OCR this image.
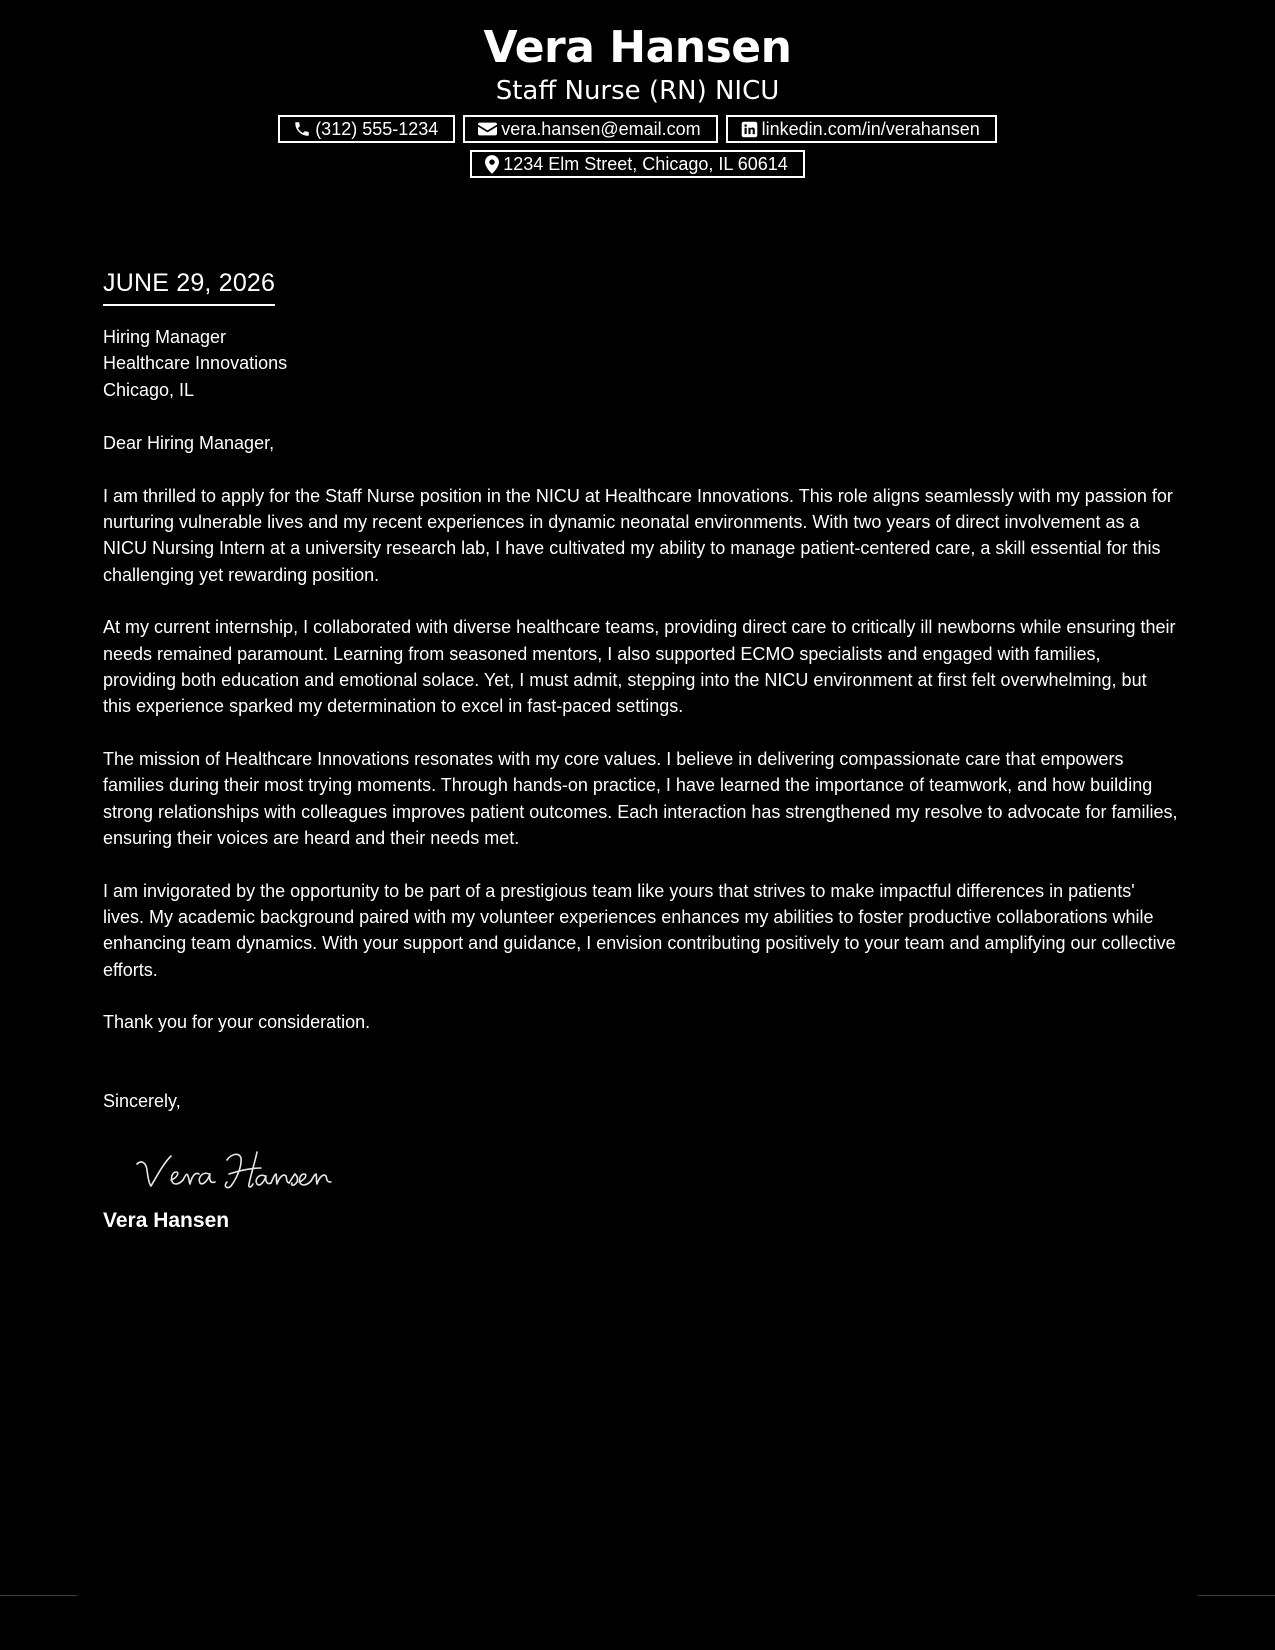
Vera Hansen
Staff Nurse (RN) NICU
(312) 555-1234	vera.hansen@email.com	linkedin.com/in/verahansen
1234 Elm Street, Chicago, IL 60614
JUNE 29, 2026
Hiring Manager
Healthcare Innovations
Chicago, IL
Dear Hiring Manager,

I am thrilled to apply for the Staff Nurse position in the NICU at Healthcare Innovations. This role aligns seamlessly with my passion for nurturing vulnerable lives and my recent experiences in dynamic neonatal environments. With two years of direct involvement as a NICU Nursing Intern at a university research lab, I have cultivated my ability to manage patient-centered care, a skill essential for this challenging yet rewarding position.

At my current internship, I collaborated with diverse healthcare teams, providing direct care to critically ill newborns while ensuring their needs remained paramount. Learning from seasoned mentors, I also supported ECMO specialists and engaged with families, providing both education and emotional solace. Yet, I must admit, stepping into the NICU environment at first felt overwhelming, but this experience sparked my determination to excel in fast-paced settings.

The mission of Healthcare Innovations resonates with my core values. I believe in delivering compassionate care that empowers families during their most trying moments. Through hands-on practice, I have learned the importance of teamwork, and how building strong relationships with colleagues improves patient outcomes. Each interaction has strengthened my resolve to advocate for families, ensuring their voices are heard and their needs met.

I am invigorated by the opportunity to be part of a prestigious team like yours that strives to make impactful differences in patients' lives. My academic background paired with my volunteer experiences enhances my abilities to foster productive collaborations while enhancing team dynamics. With your support and guidance, I envision contributing positively to your team and amplifying our collective efforts.

Thank you for your consideration.

Sincerely,
Vera Hansen
